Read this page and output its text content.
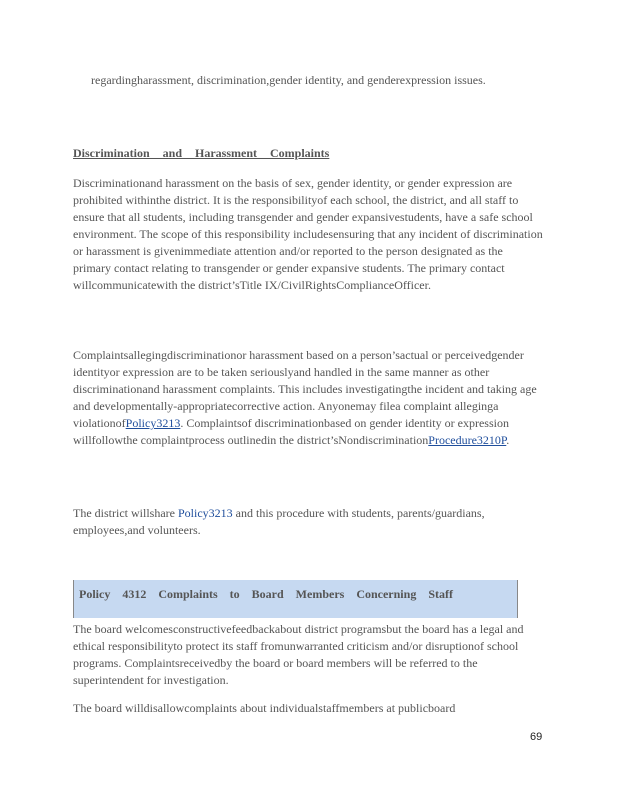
regardingharassment, discrimination,gender identity, and genderexpression issues.

Discrimination and Harassment Complaints

Discriminationand harassment on the basis of sex, gender identity, or gender expression are prohibited withinthe district. It is the responsibilityof each school, the district, and all staff to ensure that all students, including transgender and gender expansivestudents, have a safe school environment. The scope of this responsibility includesensuring that any incident of discrimination or harassment is givenimmediate attention and/or reported to the person designated as the primary contact relating to transgender or gender expansive students. The primary contact willcommunicatewith the district’sTitle IX/CivilRightsComplianceOfficer.

Complaintsallegingdiscriminationor harassment based on a person’sactual or perceivedgender identityor expression are to be taken seriouslyand handled in the same manner as other discriminationand harassment complaints. This includes investigatingthe incident and taking age and developmentally-appropriatecorrective action. Anyonemay filea complaint alleginga violationofPolicy3213. Complaintsof discriminationbased on gender identity or expression willfollowthe complaintprocess outlinedin the district’sNondiscriminationProcedure3210P.

The district willshare Policy3213 and this procedure with students, parents/guardians, employees,and volunteers.

Policy 4312 Complaints to Board Members Concerning Staff

The board welcomesconstructivefeedbackabout district programsbut the board has a legal and ethical responsibilityto protect its staff fromunwarranted criticism and/or disruptionof school programs. Complaintsreceivedby the board or board members will be referred to the superintendent for investigation.

The board willdisallowcomplaints about individualstaffmembers at publicboard

69
